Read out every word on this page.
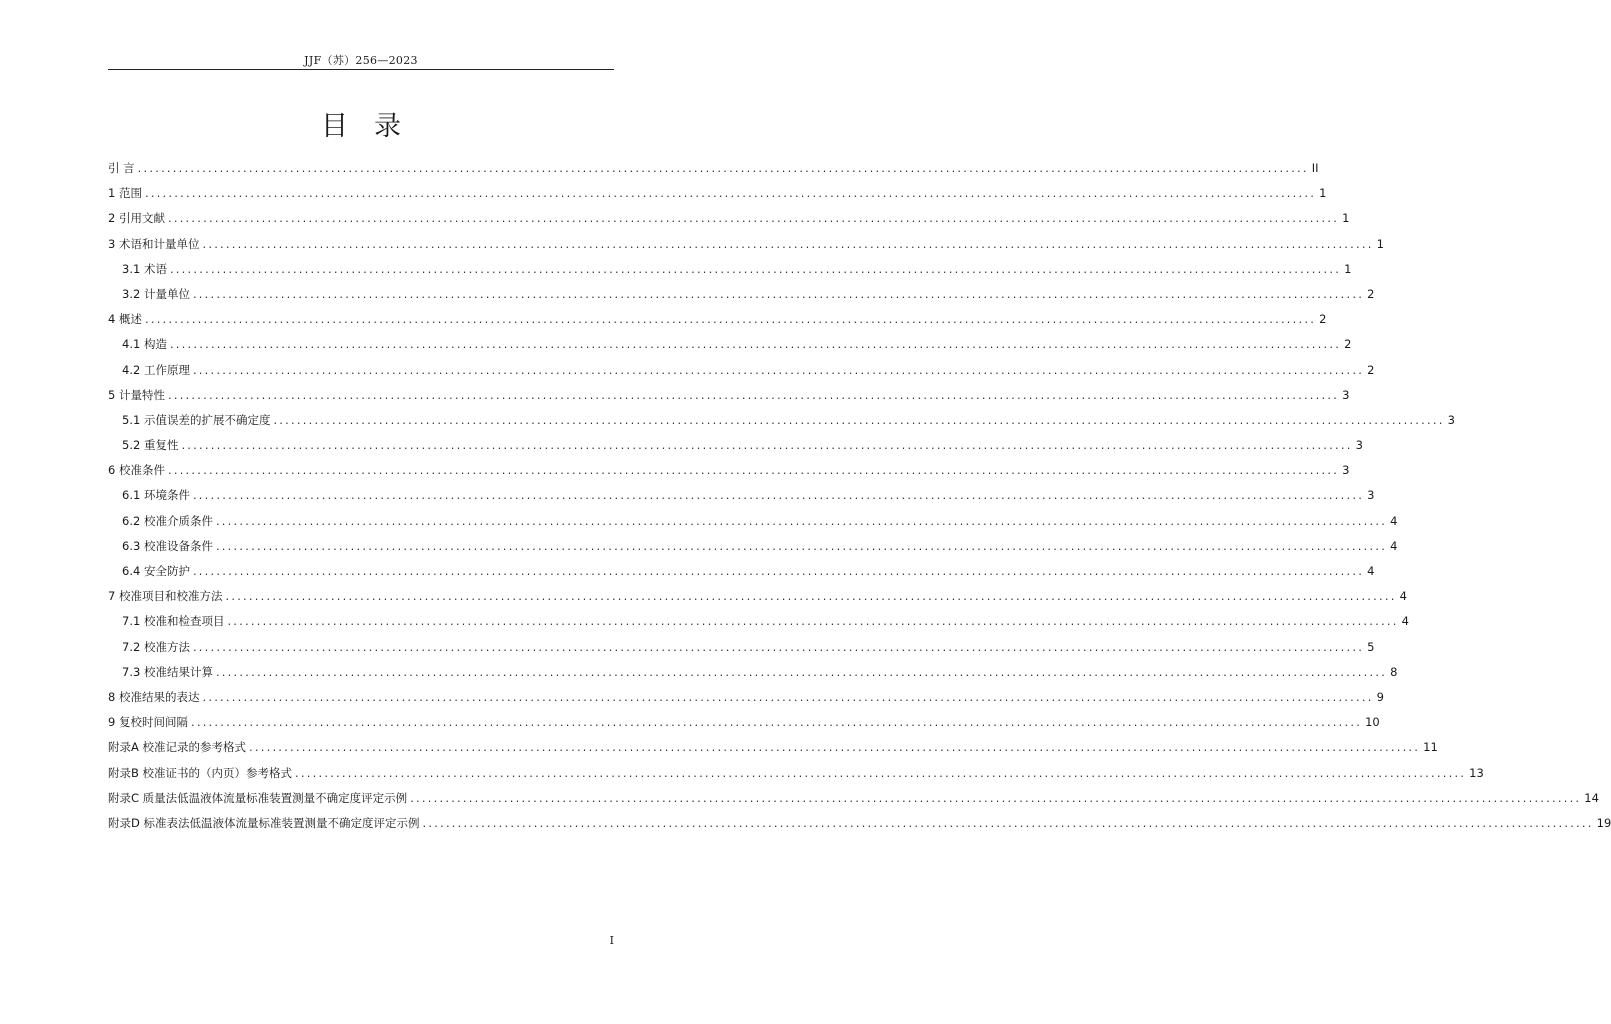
JJF（苏）256—2023
目录
引 言 ........................................................................................................................................................................................................ II
1 范围 ........................................................................................................................................................................................................ 1
2 引用文献 ........................................................................................................................................................................................................ 1
3 术语和计量单位 ........................................................................................................................................................................................................ 1
3.1 术语 ........................................................................................................................................................................................................ 1
3.2 计量单位 ........................................................................................................................................................................................................ 2
4 概述 ........................................................................................................................................................................................................ 2
4.1 构造 ........................................................................................................................................................................................................ 2
4.2 工作原理 ........................................................................................................................................................................................................ 2
5 计量特性 ........................................................................................................................................................................................................ 3
5.1 示值误差的扩展不确定度 ........................................................................................................................................................................................................ 3
5.2 重复性 ........................................................................................................................................................................................................ 3
6 校准条件 ........................................................................................................................................................................................................ 3
6.1 环境条件 ........................................................................................................................................................................................................ 3
6.2 校准介质条件 ........................................................................................................................................................................................................ 4
6.3 校准设备条件 ........................................................................................................................................................................................................ 4
6.4 安全防护 ........................................................................................................................................................................................................ 4
7 校准项目和校准方法 ........................................................................................................................................................................................................ 4
7.1 校准和检查项目 ........................................................................................................................................................................................................ 4
7.2 校准方法 ........................................................................................................................................................................................................ 5
7.3 校准结果计算 ........................................................................................................................................................................................................ 8
8 校准结果的表达 ........................................................................................................................................................................................................ 9
9 复校时间间隔 ........................................................................................................................................................................................................ 10
附录A 校准记录的参考格式 ........................................................................................................................................................................................................ 11
附录B 校准证书的（内页）参考格式 ........................................................................................................................................................................................................ 13
附录C 质量法低温液体流量标准装置测量不确定度评定示例 ........................................................................................................................................................................................................ 14
附录D 标准表法低温液体流量标准装置测量不确定度评定示例 ........................................................................................................................................................................................................ 19
I
